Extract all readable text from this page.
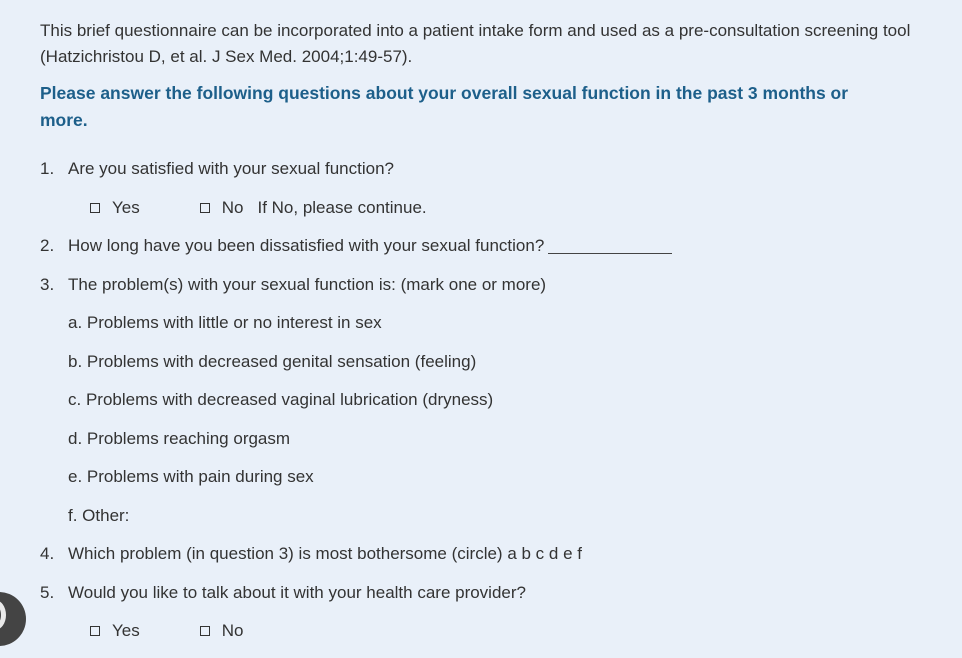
This brief questionnaire can be incorporated into a patient intake form and used as a pre-consultation screening tool (Hatzichristou D, et al. J Sex Med. 2004;1:49-57).
Please answer the following questions about your overall sexual function in the past 3 months or more.
1. Are you satisfied with your sexual function?
Yes	No If No, please continue.
2. How long have you been dissatisfied with your sexual function?
3. The problem(s) with your sexual function is: (mark one or more)
a. Problems with little or no interest in sex
b. Problems with decreased genital sensation (feeling)
c. Problems with decreased vaginal lubrication (dryness)
d. Problems reaching orgasm
e. Problems with pain during sex
f. Other:
4. Which problem (in question 3) is most bothersome (circle) a b c d e f
5. Would you like to talk about it with your health care provider?
Yes	No
